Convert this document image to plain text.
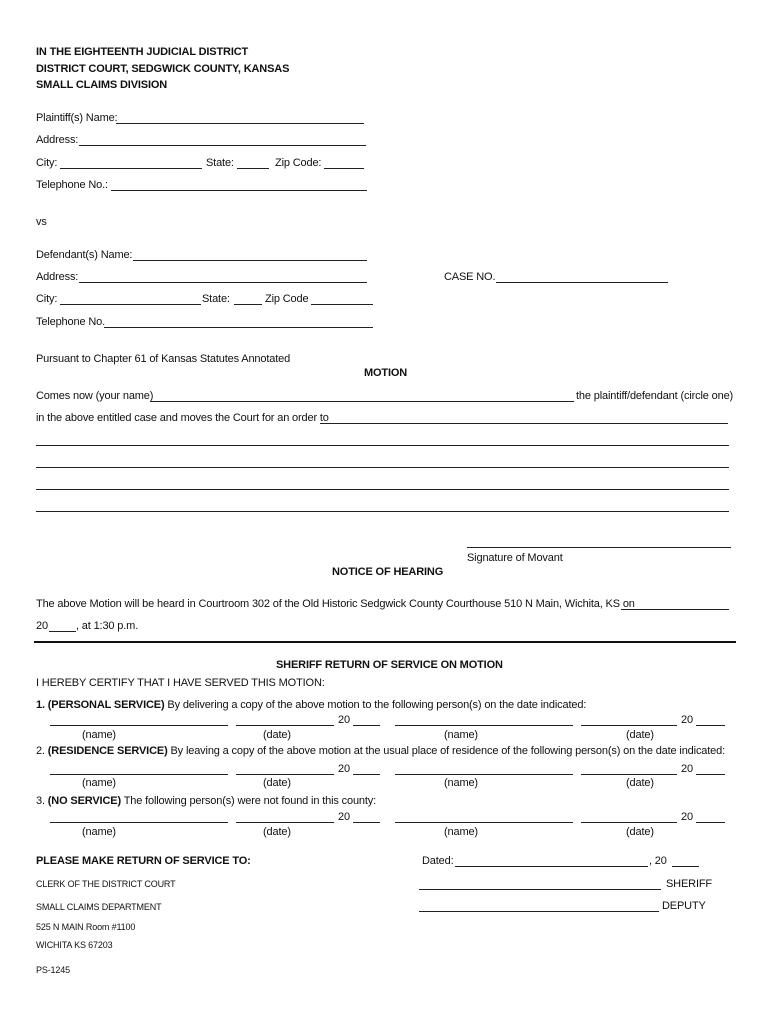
IN THE EIGHTEENTH JUDICIAL DISTRICT
DISTRICT COURT, SEDGWICK COUNTY, KANSAS
SMALL CLAIMS DIVISION
Plaintiff(s) Name:
Address:
City:	State:	Zip Code:
Telephone No.:
vs
Defendant(s) Name:
Address:	CASE NO.
City:	State:	Zip Code
Telephone No.
Pursuant to Chapter 61 of Kansas Statutes Annotated
MOTION
Comes now (your name)	the plaintiff/defendant (circle one)
in the above entitled case and moves the Court for an order to
Signature of Movant
NOTICE OF HEARING
The above Motion will be heard in Courtroom 302 of the Old Historic Sedgwick County Courthouse 510 N Main, Wichita, KS on
20	, at 1:30 p.m.
SHERIFF RETURN OF SERVICE ON MOTION
I HEREBY CERTIFY THAT I HAVE SERVED THIS MOTION:
1. (PERSONAL SERVICE) By delivering a copy of the above motion to the following person(s) on the date indicated:
20	20
(name)	(date)	(name)	(date)
2. (RESIDENCE SERVICE) By leaving a copy of the above motion at the usual place of residence of the following person(s) on the date indicated:
20	20
(name)	(date)	(name)	(date)
3. (NO SERVICE) The following person(s) were not found in this county:
20	20
(name)	(date)	(name)	(date)
PLEASE MAKE RETURN OF SERVICE TO:	Dated:	, 20
CLERK OF THE DISTRICT COURT	SHERIFF
SMALL CLAIMS DEPARTMENT	DEPUTY
525 N MAIN Room #1100
WICHITA KS 67203
PS-1245
